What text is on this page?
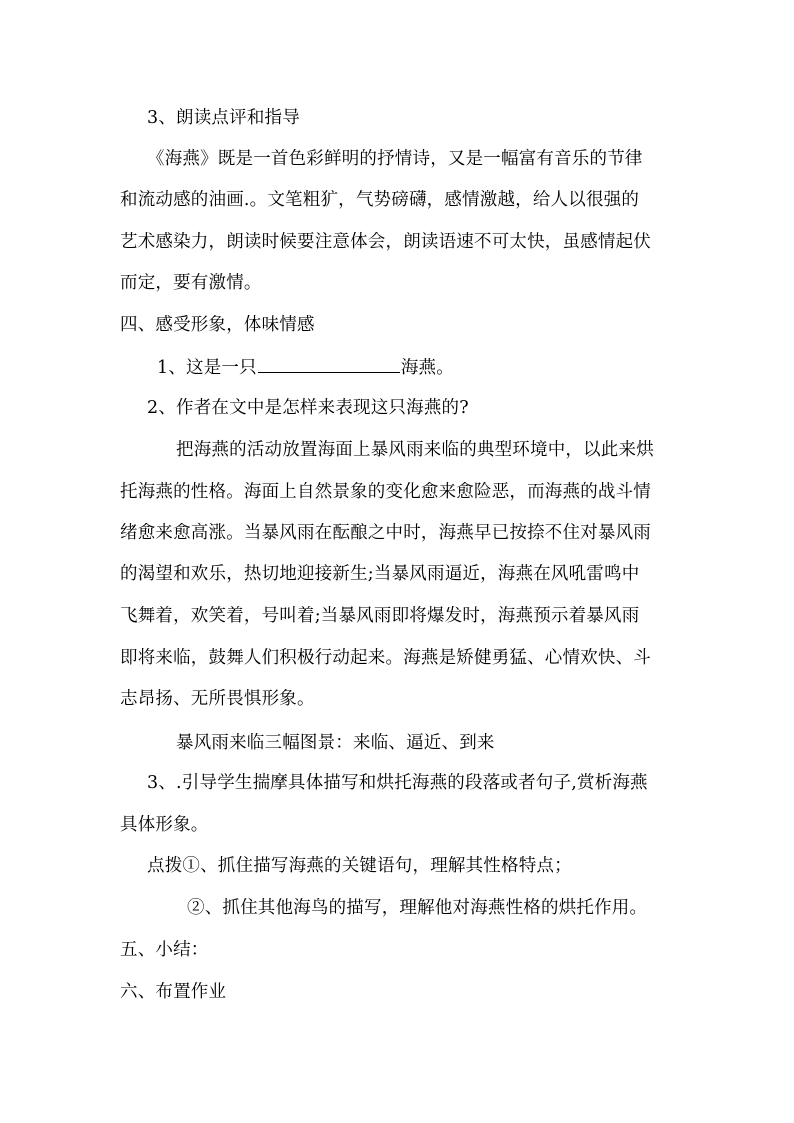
3、朗读点评和指导
《海燕》既是一首色彩鲜明的抒情诗，又是一幅富有音乐的节律
和流动感的油画.。文笔粗犷，气势磅礴，感情激越，给人以很强的
艺术感染力，朗读时候要注意体会，朗读语速不可太快，虽感情起伏
而定，要有激情。
四、感受形象，体味情感
1、这是一只	海燕。
2、作者在文中是怎样来表现这只海燕的?
把海燕的活动放置海面上暴风雨来临的典型环境中，以此来烘
托海燕的性格。海面上自然景象的变化愈来愈险恶，而海燕的战斗情
绪愈来愈高涨。当暴风雨在酝酿之中时，海燕早已按捺不住对暴风雨
的渴望和欢乐，热切地迎接新生;当暴风雨逼近，海燕在风吼雷鸣中
飞舞着，欢笑着，号叫着;当暴风雨即将爆发时，海燕预示着暴风雨
即将来临，鼓舞人们积极行动起来。海燕是矫健勇猛、心情欢快、斗
志昂扬、无所畏惧形象。
暴风雨来临三幅图景：来临、逼近、到来
3、.引导学生揣摩具体描写和烘托海燕的段落或者句子,赏析海燕
具体形象。
点拨①、抓住描写海燕的关键语句，理解其性格特点；
②、抓住其他海鸟的描写，理解他对海燕性格的烘托作用。
五、小结：
六、布置作业
